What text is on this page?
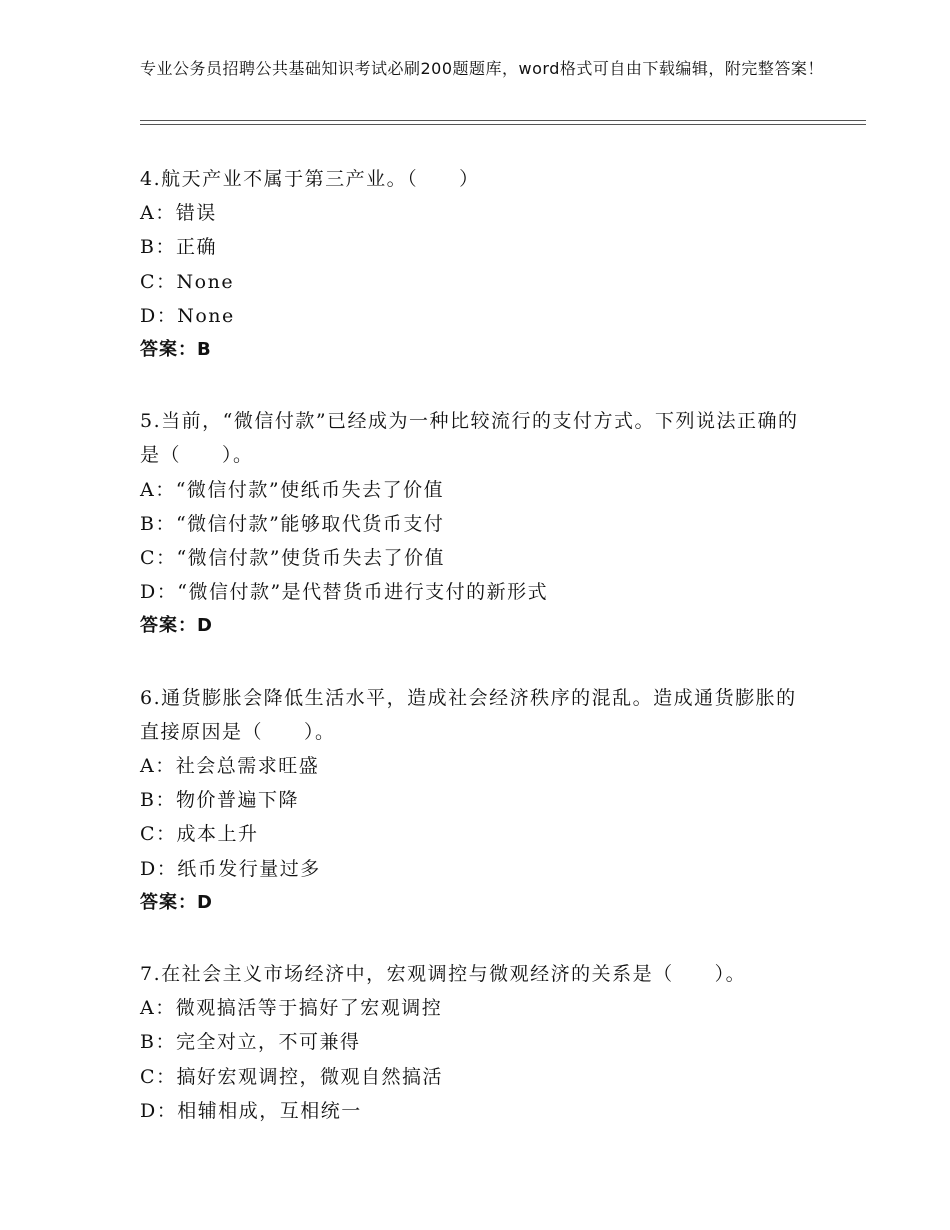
专业公务员招聘公共基础知识考试必刷200题题库，word格式可自由下载编辑，附完整答案！
4.航天产业不属于第三产业。（　　）
A：错误
B：正确
C：None
D：None
答案：B
5.当前，“微信付款”已经成为一种比较流行的支付方式。下列说法正确的是（　　）。
A：“微信付款”使纸币失去了价值
B：“微信付款”能够取代货币支付
C：“微信付款”使货币失去了价值
D：“微信付款”是代替货币进行支付的新形式
答案：D
6.通货膨胀会降低生活水平，造成社会经济秩序的混乱。造成通货膨胀的直接原因是（　　）。
A：社会总需求旺盛
B：物价普遍下降
C：成本上升
D：纸币发行量过多
答案：D
7.在社会主义市场经济中，宏观调控与微观经济的关系是（　　）。
A：微观搞活等于搞好了宏观调控
B：完全对立，不可兼得
C：搞好宏观调控，微观自然搞活
D：相辅相成，互相统一
